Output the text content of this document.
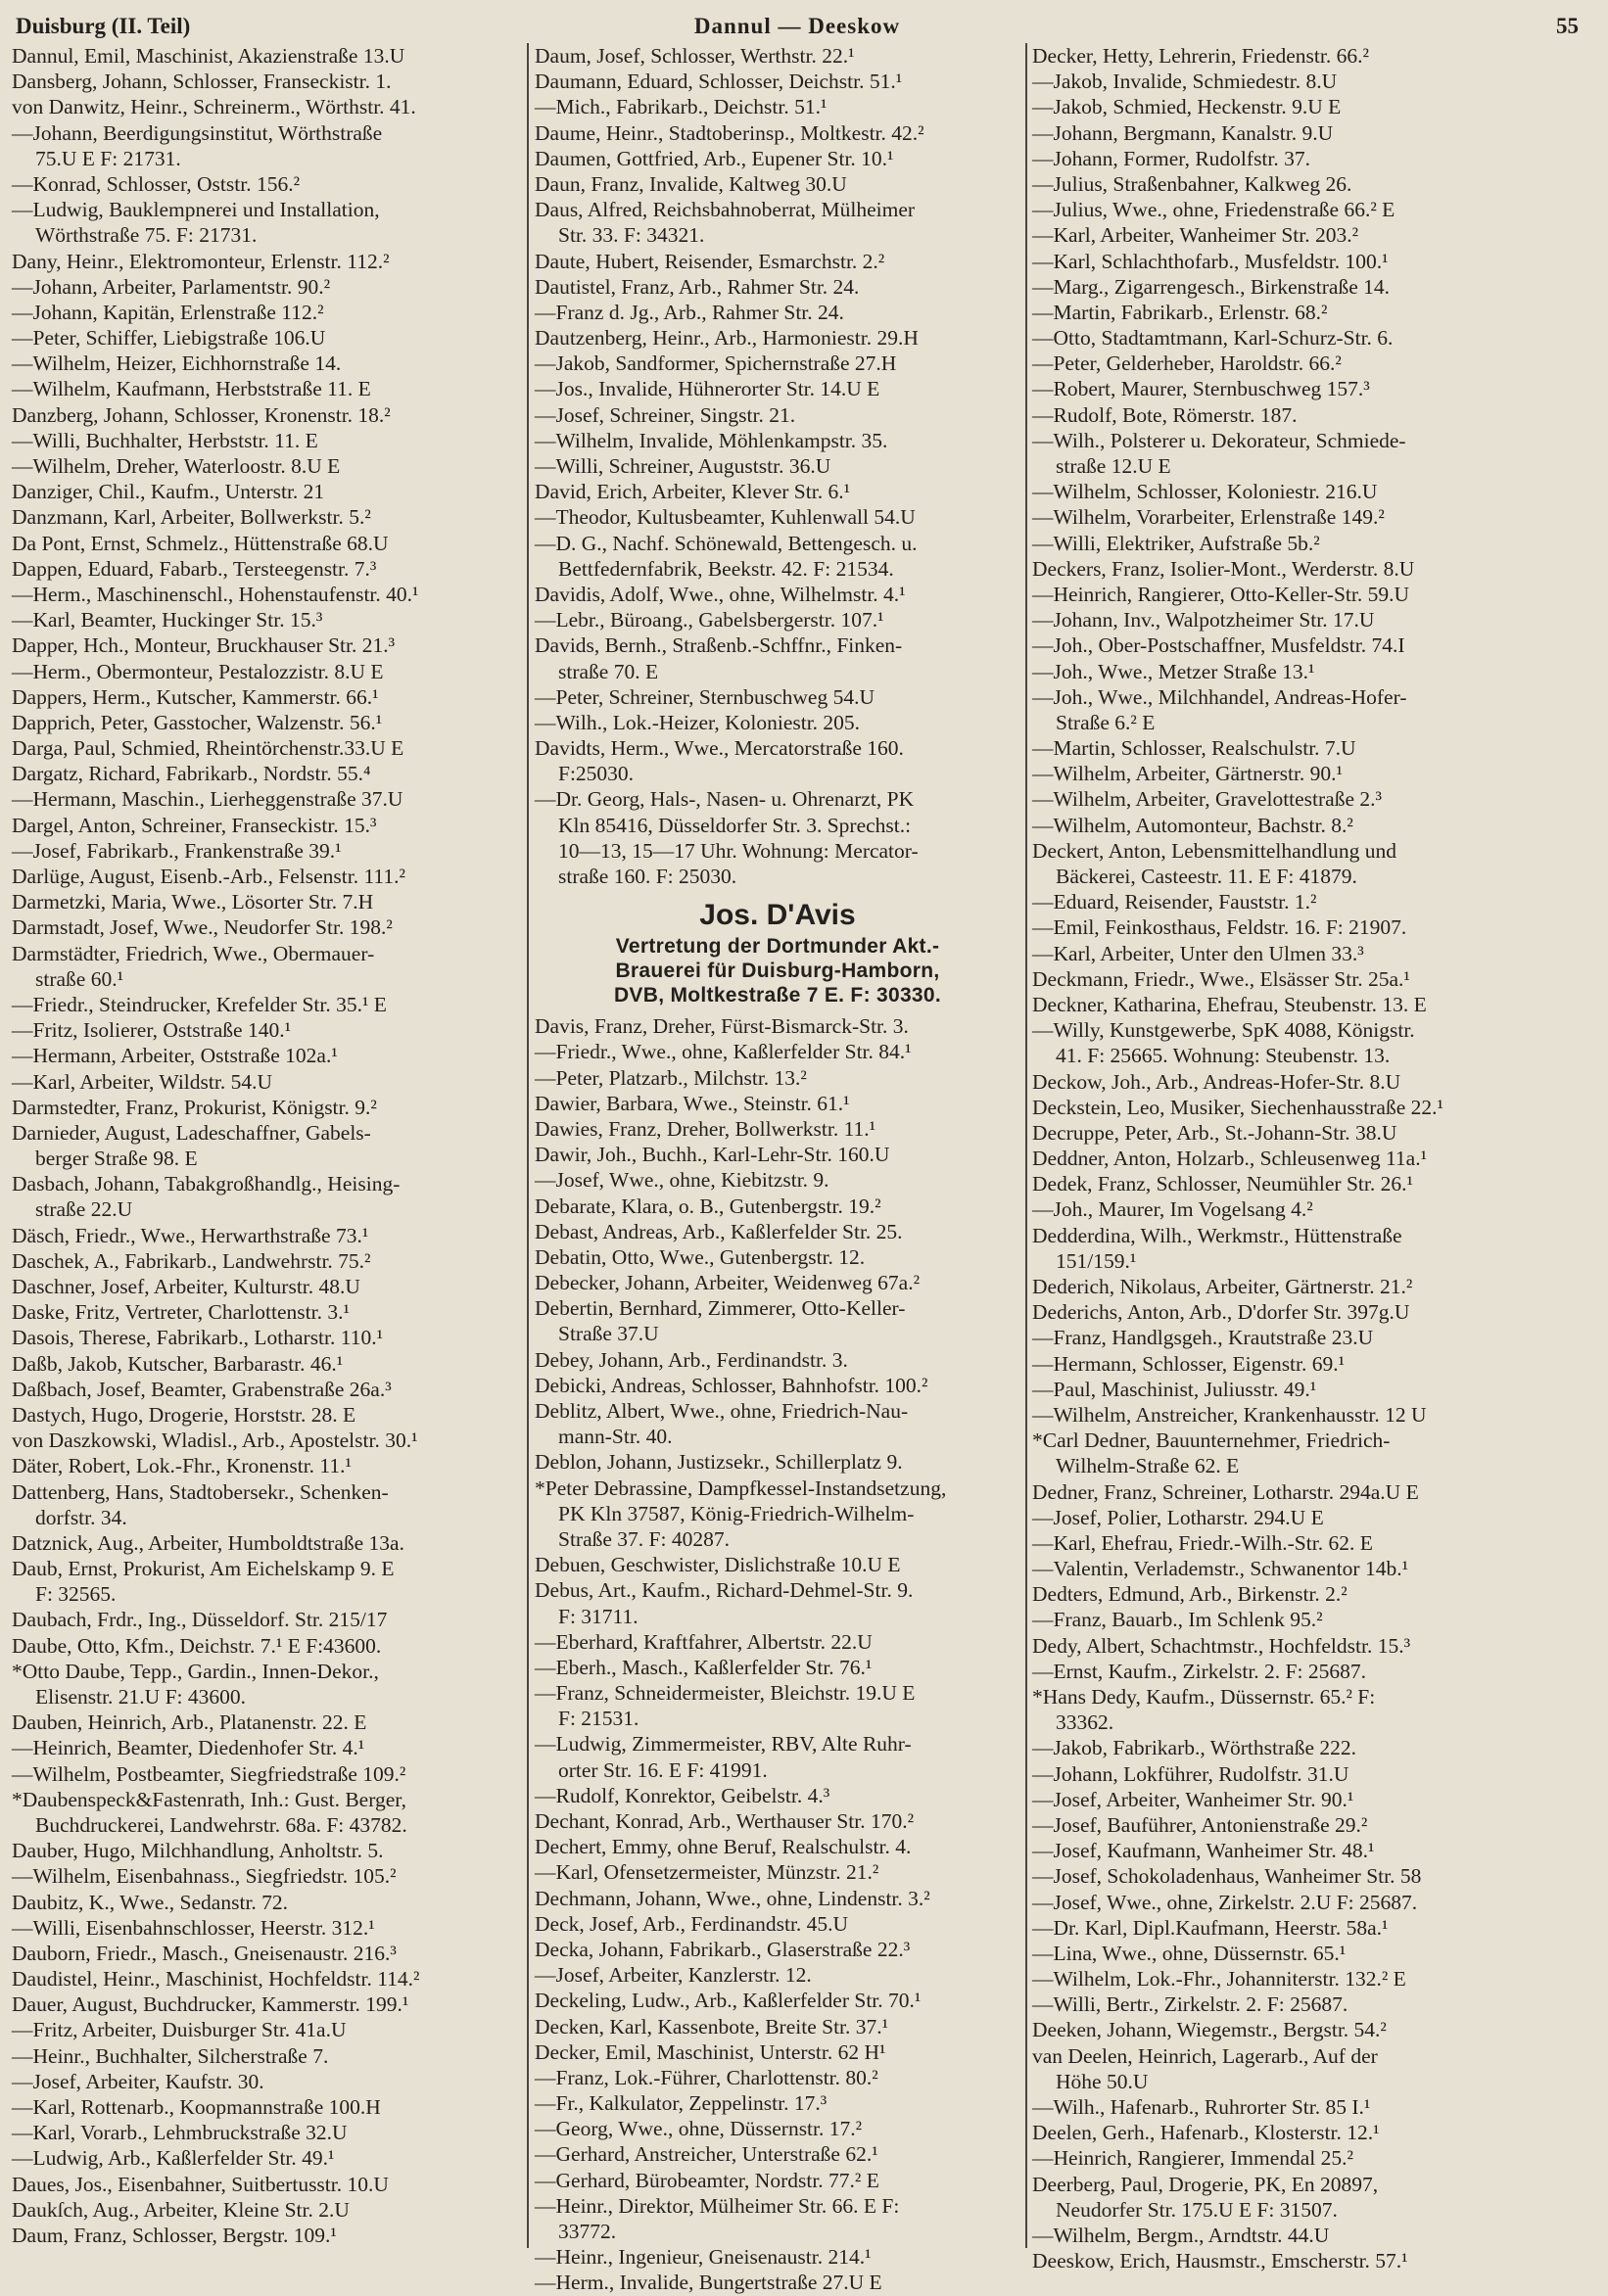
Duisburg (II. Teil)	Dannul — Deeskow	55
Dannul, Emil, Maschinist, Akazienstraße 13.U
Dansberg, Johann, Schlosser, Franseckistr. 1.
von Danwitz, Heinr., Schreinerm., Wörthstr. 41.
—Johann, Beerdigungsinstitut, Wörthstraße
75.U E F: 21731.
—Konrad, Schlosser, Oststr. 156.²
—Ludwig, Bauklempnerei und Installation,
Wörthstraße 75. F: 21731.
Dany, Heinr., Elektromonteur, Erlenstr. 112.²
—Johann, Arbeiter, Parlamentstr. 90.²
—Johann, Kapitän, Erlenstraße 112.²
—Peter, Schiffer, Liebigstraße 106.U
—Wilhelm, Heizer, Eichhornstraße 14.
—Wilhelm, Kaufmann, Herbststraße 11. E
Danzberg, Johann, Schlosser, Kronenstr. 18.²
—Willi, Buchhalter, Herbststr. 11. E
—Wilhelm, Dreher, Waterloostr. 8.U E
Danziger, Chil., Kaufm., Unterstr. 21
Danzmann, Karl, Arbeiter, Bollwerkstr. 5.²
Da Pont, Ernst, Schmelz., Hüttenstraße 68.U
Dappen, Eduard, Fabarb., Tersteegenstr. 7.³
—Herm., Maschinenschl., Hohenstaufenstr. 40.¹
—Karl, Beamter, Huckinger Str. 15.³
Dapper, Hch., Monteur, Bruckhauser Str. 21.³
—Herm., Obermonteur, Pestalozzistr. 8.U E
Dappers, Herm., Kutscher, Kammerstr. 66.¹
Dapprich, Peter, Gasstocher, Walzenstr. 56.¹
Darga, Paul, Schmied, Rheintörchenstr.33.U E
Dargatz, Richard, Fabrikarb., Nordstr. 55.⁴
—Hermann, Maschin., Lierheggenstraße 37.U
Dargel, Anton, Schreiner, Franseckistr. 15.³
—Josef, Fabrikarb., Frankenstraße 39.¹
Darlüge, August, Eisenb.-Arb., Felsenstr. 111.²
Darmetzki, Maria, Wwe., Lösorter Str. 7.H
Darmstadt, Josef, Wwe., Neudorfer Str. 198.²
Darmstädter, Friedrich, Wwe., Obermauer-
straße 60.¹
—Friedr., Steindrucker, Krefelder Str. 35.¹ E
—Fritz, Isolierer, Oststraße 140.¹
—Hermann, Arbeiter, Oststraße 102a.¹
—Karl, Arbeiter, Wildstr. 54.U
Darmstedter, Franz, Prokurist, Königstr. 9.²
Darnieder, August, Ladeschaffner, Gabels-
berger Straße 98. E
Dasbach, Johann, Tabakgroßhandlg., Heising-
straße 22.U
Däsch, Friedr., Wwe., Herwarthstraße 73.¹
Daschek, A., Fabrikarb., Landwehrstr. 75.²
Daschner, Josef, Arbeiter, Kulturstr. 48.U
Daske, Fritz, Vertreter, Charlottenstr. 3.¹
Dasois, Therese, Fabrikarb., Lotharstr. 110.¹
Daßb, Jakob, Kutscher, Barbarastr. 46.¹
Daßbach, Josef, Beamter, Grabenstraße 26a.³
Dastych, Hugo, Drogerie, Horststr. 28. E
von Daszkowski, Wladisl., Arb., Apostelstr. 30.¹
Däter, Robert, Lok.-Fhr., Kronenstr. 11.¹
Dattenberg, Hans, Stadtobersekr., Schenken-
dorfstr. 34.
Datznick, Aug., Arbeiter, Humboldtstraße 13a.
Daub, Ernst, Prokurist, Am Eichelskamp 9. E
F: 32565.
Daubach, Frdr., Ing., Düsseldorf. Str. 215/17
Daube, Otto, Kfm., Deichstr. 7.¹ E F:43600.
*Otto Daube, Tepp., Gardin., Innen-Dekor.,
Elisenstr. 21.U F: 43600.
Dauben, Heinrich, Arb., Platanenstr. 22. E
—Heinrich, Beamter, Diedenhofer Str. 4.¹
—Wilhelm, Postbeamter, Siegfriedstraße 109.²
*Daubenspeck&Fastenrath, Inh.: Gust. Berger,
Buchdruckerei, Landwehrstr. 68a. F: 43782.
Dauber, Hugo, Milchhandlung, Anholtstr. 5.
—Wilhelm, Eisenbahnass., Siegfriedstr. 105.²
Daubitz, K., Wwe., Sedanstr. 72.
—Willi, Eisenbahnschlosser, Heerstr. 312.¹
Dauborn, Friedr., Masch., Gneisenaustr. 216.³
Daudistel, Heinr., Maschinist, Hochfeldstr. 114.²
Dauer, August, Buchdrucker, Kammerstr. 199.¹
—Fritz, Arbeiter, Duisburger Str. 41a.U
—Heinr., Buchhalter, Silcherstraße 7.
—Josef, Arbeiter, Kaufstr. 30.
—Karl, Rottenarb., Koopmannstraße 100.H
—Karl, Vorarb., Lehmbruckstraße 32.U
—Ludwig, Arb., Kaßlerfelder Str. 49.¹
Daues, Jos., Eisenbahner, Suitbertusstr. 10.U
Daukſch, Aug., Arbeiter, Kleine Str. 2.U
Daum, Franz, Schlosser, Bergstr. 109.¹
Daum, Josef, Schlosser, Werthstr. 22.¹
Daumann, Eduard, Schlosser, Deichstr. 51.¹
—Mich., Fabrikarb., Deichstr. 51.¹
Daume, Heinr., Stadtoberinsp., Moltkestr. 42.²
Daumen, Gottfried, Arb., Eupener Str. 10.¹
Daun, Franz, Invalide, Kaltweg 30.U
Daus, Alfred, Reichsbahnoberrat, Mülheimer
Str. 33. F: 34321.
Daute, Hubert, Reisender, Esmarchstr. 2.²
Dautistel, Franz, Arb., Rahmer Str. 24.
—Franz d. Jg., Arb., Rahmer Str. 24.
Dautzenberg, Heinr., Arb., Harmoniestr. 29.H
—Jakob, Sandformer, Spichernstraße 27.H
—Jos., Invalide, Hühnerorter Str. 14.U E
—Josef, Schreiner, Singstr. 21.
—Wilhelm, Invalide, Möhlenkampstr. 35.
—Willi, Schreiner, Auguststr. 36.U
David, Erich, Arbeiter, Klever Str. 6.¹
—Theodor, Kultusbeamter, Kuhlenwall 54.U
—D. G., Nachf. Schönewald, Bettengesch. u.
Bettfedernfabrik, Beekstr. 42. F: 21534.
Davidis, Adolf, Wwe., ohne, Wilhelmstr. 4.¹
—Lebr., Büroang., Gabelsbergerstr. 107.¹
Davids, Bernh., Straßenb.-Schffnr., Finken-
straße 70. E
—Peter, Schreiner, Sternbuschweg 54.U
—Wilh., Lok.-Heizer, Koloniestr. 205.
Davidts, Herm., Wwe., Mercatorstraße 160.
F:25030.
—Dr. Georg, Hals-, Nasen- u. Ohrenarzt, PK
Kln 85416, Düsseldorfer Str. 3. Sprechst.:
10—13, 15—17 Uhr. Wohnung: Mercator-
straße 160. F: 25030.
Jos. D'Avis
Vertretung der Dortmunder Akt.-
Brauerei für Duisburg-Hamborn,
DVB, Moltkestraße 7 E. F: 30330.
Davis, Franz, Dreher, Fürst-Bismarck-Str. 3.
—Friedr., Wwe., ohne, Kaßlerfelder Str. 84.¹
—Peter, Platzarb., Milchstr. 13.²
Dawier, Barbara, Wwe., Steinstr. 61.¹
Dawies, Franz, Dreher, Bollwerkstr. 11.¹
Dawir, Joh., Buchh., Karl-Lehr-Str. 160.U
—Josef, Wwe., ohne, Kiebitzstr. 9.
Debarate, Klara, o. B., Gutenbergstr. 19.²
Debast, Andreas, Arb., Kaßlerfelder Str. 25.
Debatin, Otto, Wwe., Gutenbergstr. 12.
Debecker, Johann, Arbeiter, Weidenweg 67a.²
Debertin, Bernhard, Zimmerer, Otto-Keller-
Straße 37.U
Debey, Johann, Arb., Ferdinandstr. 3.
Debicki, Andreas, Schlosser, Bahnhofstr. 100.²
Deblitz, Albert, Wwe., ohne, Friedrich-Nau-
mann-Str. 40.
Deblon, Johann, Justizsekr., Schillerplatz 9.
*Peter Debrassine, Dampfkessel-Instandsetzung,
PK Kln 37587, König-Friedrich-Wilhelm-
Straße 37. F: 40287.
Debuen, Geschwister, Dislichstraße 10.U E
Debus, Art., Kaufm., Richard-Dehmel-Str. 9.
F: 31711.
—Eberhard, Kraftfahrer, Albertstr. 22.U
—Eberh., Masch., Kaßlerfelder Str. 76.¹
—Franz, Schneidermeister, Bleichstr. 19.U E
F: 21531.
—Ludwig, Zimmermeister, RBV, Alte Ruhr-
orter Str. 16. E F: 41991.
—Rudolf, Konrektor, Geibelstr. 4.³
Dechant, Konrad, Arb., Werthauser Str. 170.²
Dechert, Emmy, ohne Beruf, Realschulstr. 4.
—Karl, Ofensetzermeister, Münzstr. 21.²
Dechmann, Johann, Wwe., ohne, Lindenstr. 3.²
Deck, Josef, Arb., Ferdinandstr. 45.U
Decka, Johann, Fabrikarb., Glaserstraße 22.³
—Josef, Arbeiter, Kanzlerstr. 12.
Deckeling, Ludw., Arb., Kaßlerfelder Str. 70.¹
Decken, Karl, Kassenbote, Breite Str. 37.¹
Decker, Emil, Maschinist, Unterstr. 62 H¹
—Franz, Lok.-Führer, Charlottenstr. 80.²
—Fr., Kalkulator, Zeppelinstr. 17.³
—Georg, Wwe., ohne, Düssernstr. 17.²
—Gerhard, Anstreicher, Unterstraße 62.¹
—Gerhard, Bürobeamter, Nordstr. 77.² E
—Heinr., Direktor, Mülheimer Str. 66. E F:
33772.
—Heinr., Ingenieur, Gneisenaustr. 214.¹
—Herm., Invalide, Bungertstraße 27.U E
Decker, Hetty, Lehrerin, Friedenstr. 66.²
—Jakob, Invalide, Schmiedestr. 8.U
—Jakob, Schmied, Heckenstr. 9.U E
—Johann, Bergmann, Kanalstr. 9.U
—Johann, Former, Rudolfstr. 37.
—Julius, Straßenbahner, Kalkweg 26.
—Julius, Wwe., ohne, Friedenstraße 66.² E
—Karl, Arbeiter, Wanheimer Str. 203.²
—Karl, Schlachthofarb., Musfeldstr. 100.¹
—Marg., Zigarrengesch., Birkenstraße 14.
—Martin, Fabrikarb., Erlenstr. 68.²
—Otto, Stadtamtmann, Karl-Schurz-Str. 6.
—Peter, Gelderheber, Haroldstr. 66.²
—Robert, Maurer, Sternbuschweg 157.³
—Rudolf, Bote, Römerstr. 187.
—Wilh., Polsterer u. Dekorateur, Schmiede-
straße 12.U E
—Wilhelm, Schlosser, Koloniestr. 216.U
—Wilhelm, Vorarbeiter, Erlenstraße 149.²
—Willi, Elektriker, Aufstraße 5b.²
Deckers, Franz, Isolier-Mont., Werderstr. 8.U
—Heinrich, Rangierer, Otto-Keller-Str. 59.U
—Johann, Inv., Walpotzheimer Str. 17.U
—Joh., Ober-Postschaffner, Musfeldstr. 74.I
—Joh., Wwe., Metzer Straße 13.¹
—Joh., Wwe., Milchhandel, Andreas-Hofer-
Straße 6.² E
—Martin, Schlosser, Realschulstr. 7.U
—Wilhelm, Arbeiter, Gärtnerstr. 90.¹
—Wilhelm, Arbeiter, Gravelottestraße 2.³
—Wilhelm, Automonteur, Bachstr. 8.²
Deckert, Anton, Lebensmittelhandlung und
Bäckerei, Casteestr. 11. E F: 41879.
—Eduard, Reisender, Fauststr. 1.²
—Emil, Feinkosthaus, Feldstr. 16. F: 21907.
—Karl, Arbeiter, Unter den Ulmen 33.³
Deckmann, Friedr., Wwe., Elsässer Str. 25a.¹
Deckner, Katharina, Ehefrau, Steubenstr. 13. E
—Willy, Kunstgewerbe, SpK 4088, Königstr.
41. F: 25665. Wohnung: Steubenstr. 13.
Deckow, Joh., Arb., Andreas-Hofer-Str. 8.U
Deckstein, Leo, Musiker, Siechenhausstraße 22.¹
Decruppe, Peter, Arb., St.-Johann-Str. 38.U
Deddner, Anton, Holzarb., Schleusenweg 11a.¹
Dedek, Franz, Schlosser, Neumühler Str. 26.¹
—Joh., Maurer, Im Vogelsang 4.²
Dedderdina, Wilh., Werkmstr., Hüttenstraße
151/159.¹
Dederich, Nikolaus, Arbeiter, Gärtnerstr. 21.²
Dederichs, Anton, Arb., D'dorfer Str. 397g.U
—Franz, Handlgsgeh., Krautstraße 23.U
—Hermann, Schlosser, Eigenstr. 69.¹
—Paul, Maschinist, Juliusstr. 49.¹
—Wilhelm, Anstreicher, Krankenhausstr. 12 U
*Carl Dedner, Bauunternehmer, Friedrich-
Wilhelm-Straße 62. E
Dedner, Franz, Schreiner, Lotharstr. 294a.U E
—Josef, Polier, Lotharstr. 294.U E
—Karl, Ehefrau, Friedr.-Wilh.-Str. 62. E
—Valentin, Verlademstr., Schwanentor 14b.¹
Dedters, Edmund, Arb., Birkenstr. 2.²
—Franz, Bauarb., Im Schlenk 95.²
Dedy, Albert, Schachtmstr., Hochfeldstr. 15.³
—Ernst, Kaufm., Zirkelstr. 2. F: 25687.
*Hans Dedy, Kaufm., Düssernstr. 65.² F:
33362.
—Jakob, Fabrikarb., Wörthstraße 222.
—Johann, Lokführer, Rudolfstr. 31.U
—Josef, Arbeiter, Wanheimer Str. 90.¹
—Josef, Bauführer, Antonienstraße 29.²
—Josef, Kaufmann, Wanheimer Str. 48.¹
—Josef, Schokoladenhaus, Wanheimer Str. 58
—Josef, Wwe., ohne, Zirkelstr. 2.U F: 25687.
—Dr. Karl, Dipl.Kaufmann, Heerstr. 58a.¹
—Lina, Wwe., ohne, Düssernstr. 65.¹
—Wilhelm, Lok.-Fhr., Johanniterstr. 132.² E
—Willi, Bertr., Zirkelstr. 2. F: 25687.
Deeken, Johann, Wiegemstr., Bergstr. 54.²
van Deelen, Heinrich, Lagerarb., Auf der
Höhe 50.U
—Wilh., Hafenarb., Ruhrorter Str. 85 I.¹
Deelen, Gerh., Hafenarb., Klosterstr. 12.¹
—Heinrich, Rangierer, Immendal 25.²
Deerberg, Paul, Drogerie, PK, En 20897,
Neudorfer Str. 175.U E F: 31507.
—Wilhelm, Bergm., Arndtstr. 44.U
Deeskow, Erich, Hausmstr., Emscherstr. 57.¹
